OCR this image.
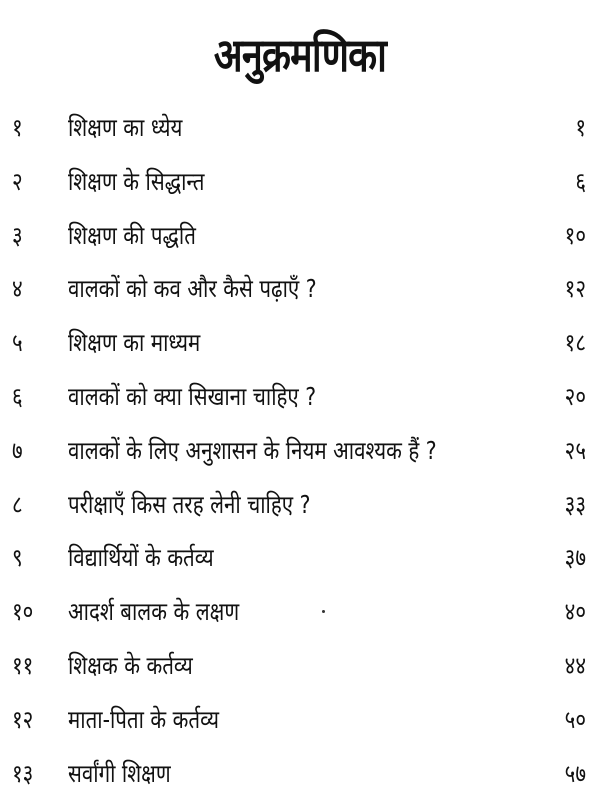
अनुक्रमणिका
१ शिक्षण का ध्येय	१
२ शिक्षण के सिद्धान्त	६
३ शिक्षण की पद्धति	१०
४ वालकों को कव और कैसे पढ़ाएँ ?	१२
५ शिक्षण का माध्यम	१८
६ वालकों को क्या सिखाना चाहिए ?	२०
७ वालकों के लिए अनुशासन के नियम आवश्यक हैं ?	२५
८ परीक्षाएँ किस तरह लेनी चाहिए ?	३३
९ विद्यार्थियों के कर्तव्य	३७
१० आदर्श बालक के लक्षण	४०
११ शिक्षक के कर्तव्य	४४
१२ माता-पिता के कर्तव्य	५०
१३ सर्वांगी शिक्षण	५७
